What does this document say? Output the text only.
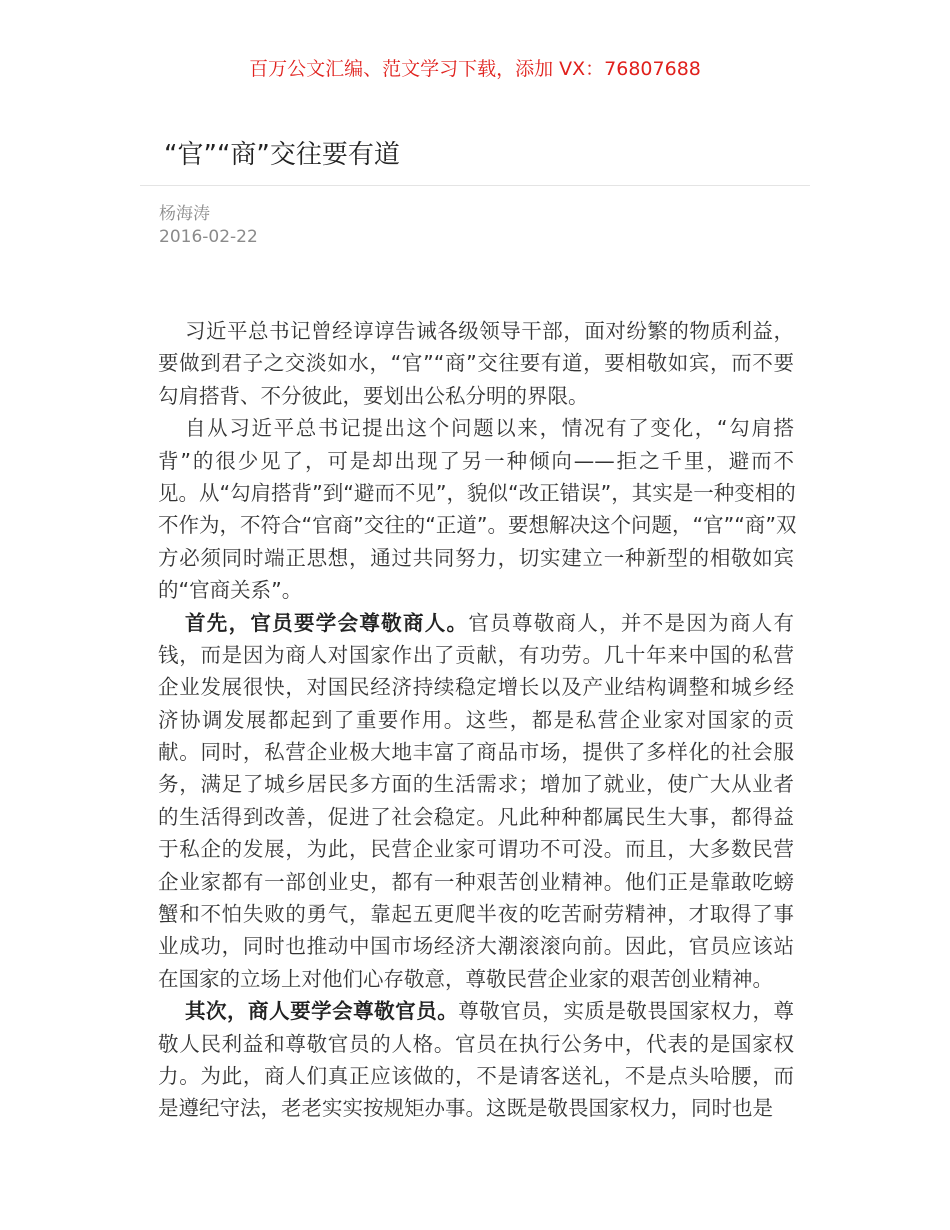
百万公文汇编、范文学习下载，添加 VX：76807688
“官”“商”交往要有道
杨海涛
2016-02-22
习近平总书记曾经谆谆告诫各级领导干部，面对纷繁的物质利益，
要做到君子之交淡如水，“官”“商”交往要有道，要相敬如宾，而不要
勾肩搭背、不分彼此，要划出公私分明的界限。
自从习近平总书记提出这个问题以来，情况有了变化，“勾肩搭
背”的很少见了，可是却出现了另一种倾向——拒之千里，避而不
见。从“勾肩搭背”到“避而不见”，貌似“改正错误”，其实是一种变相的
不作为，不符合“官商”交往的“正道”。要想解决这个问题，“官”“商”双
方必须同时端正思想，通过共同努力，切实建立一种新型的相敬如宾
的“官商关系”。
首先，官员要学会尊敬商人。官员尊敬商人，并不是因为商人有
钱，而是因为商人对国家作出了贡献，有功劳。几十年来中国的私营
企业发展很快，对国民经济持续稳定增长以及产业结构调整和城乡经
济协调发展都起到了重要作用。这些，都是私营企业家对国家的贡
献。同时，私营企业极大地丰富了商品市场，提供了多样化的社会服
务，满足了城乡居民多方面的生活需求；增加了就业，使广大从业者
的生活得到改善，促进了社会稳定。凡此种种都属民生大事，都得益
于私企的发展，为此，民营企业家可谓功不可没。而且，大多数民营
企业家都有一部创业史，都有一种艰苦创业精神。他们正是靠敢吃螃
蟹和不怕失败的勇气，靠起五更爬半夜的吃苦耐劳精神，才取得了事
业成功，同时也推动中国市场经济大潮滚滚向前。因此，官员应该站
在国家的立场上对他们心存敬意，尊敬民营企业家的艰苦创业精神。
其次，商人要学会尊敬官员。尊敬官员，实质是敬畏国家权力，尊
敬人民利益和尊敬官员的人格。官员在执行公务中，代表的是国家权
力。为此，商人们真正应该做的，不是请客送礼，不是点头哈腰，而
是遵纪守法，老老实实按规矩办事。这既是敬畏国家权力，同时也是
